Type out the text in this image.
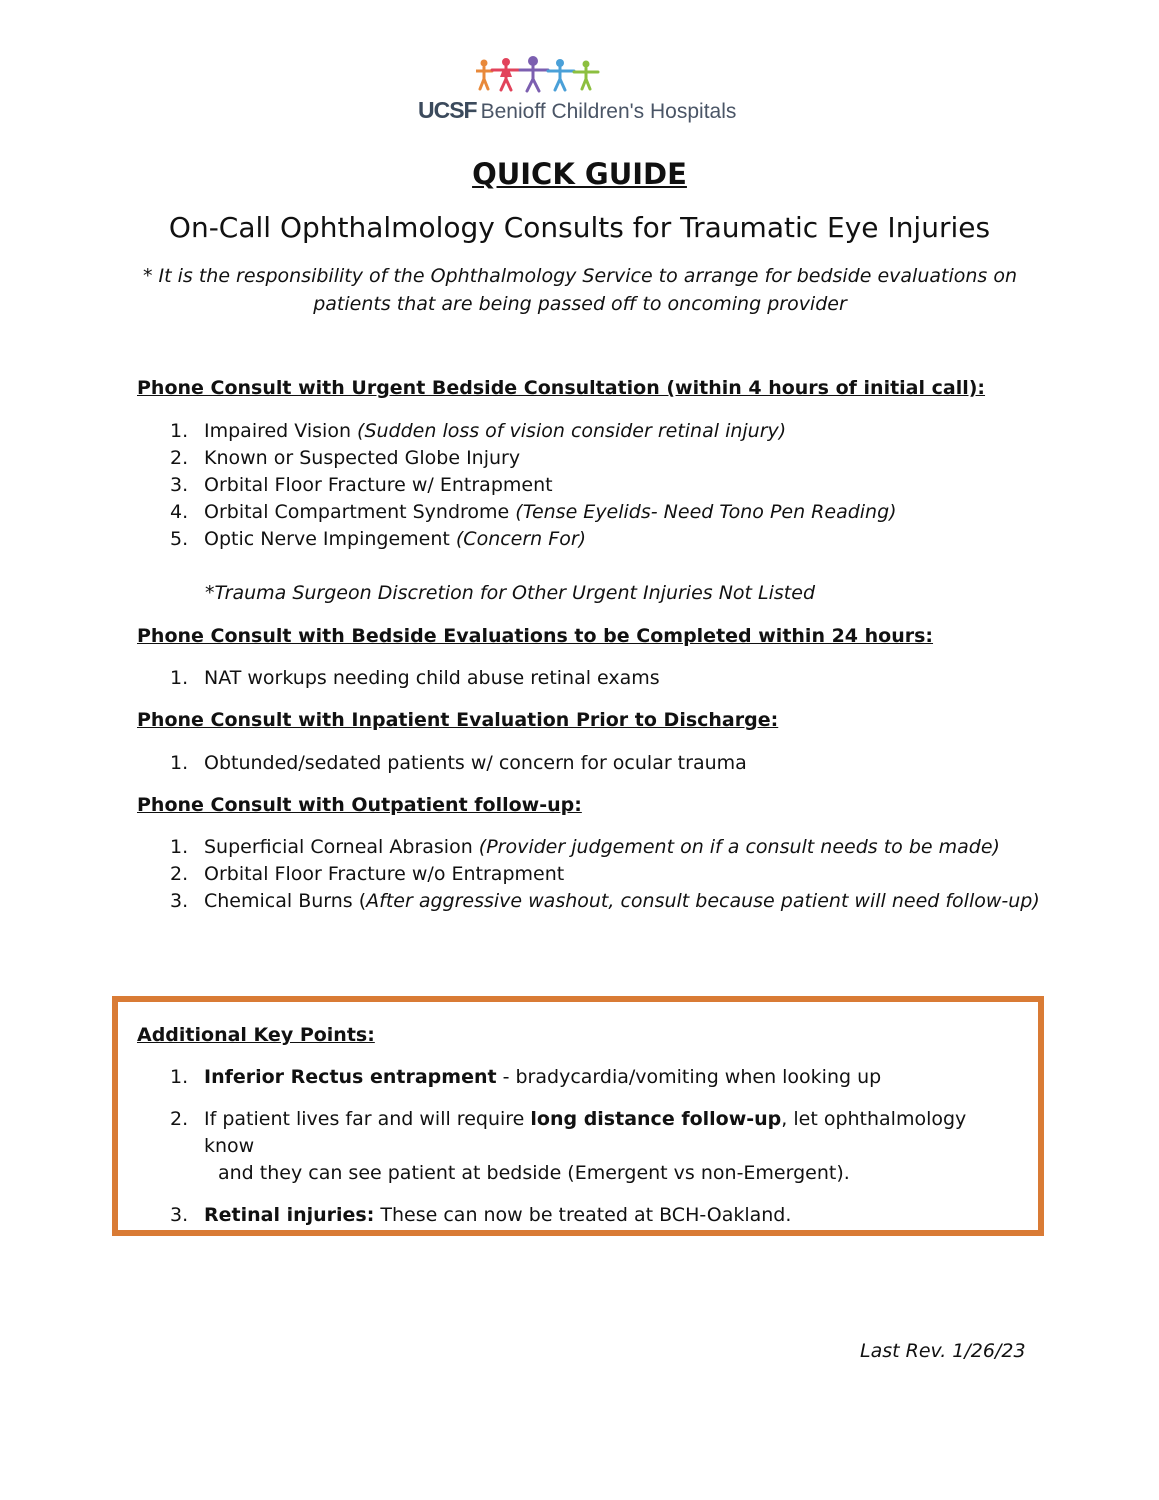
UCSF Benioff Children's Hospitals
QUICK GUIDE
On-Call Ophthalmology Consults for Traumatic Eye Injuries
* It is the responsibility of the Ophthalmology Service to arrange for bedside evaluations on
patients that are being passed off to oncoming provider
Phone Consult with Urgent Bedside Consultation (within 4 hours of initial call):
1. Impaired Vision (Sudden loss of vision consider retinal injury)
2. Known or Suspected Globe Injury
3. Orbital Floor Fracture w/ Entrapment
4. Orbital Compartment Syndrome (Tense Eyelids- Need Tono Pen Reading)
5. Optic Nerve Impingement (Concern For)
*Trauma Surgeon Discretion for Other Urgent Injuries Not Listed
Phone Consult with Bedside Evaluations to be Completed within 24 hours:
1. NAT workups needing child abuse retinal exams
Phone Consult with Inpatient Evaluation Prior to Discharge:
1. Obtunded/sedated patients w/ concern for ocular trauma
Phone Consult with Outpatient follow-up:
1. Superficial Corneal Abrasion (Provider judgement on if a consult needs to be made)
2. Orbital Floor Fracture w/o Entrapment
3. Chemical Burns (After aggressive washout, consult because patient will need follow-up)
Additional Key Points:
1. Inferior Rectus entrapment - bradycardia/vomiting when looking up
2. If patient lives far and will require long distance follow-up, let ophthalmology know
and they can see patient at bedside (Emergent vs non-Emergent).
3. Retinal injuries: These can now be treated at BCH-Oakland.
Last Rev. 1/26/23
